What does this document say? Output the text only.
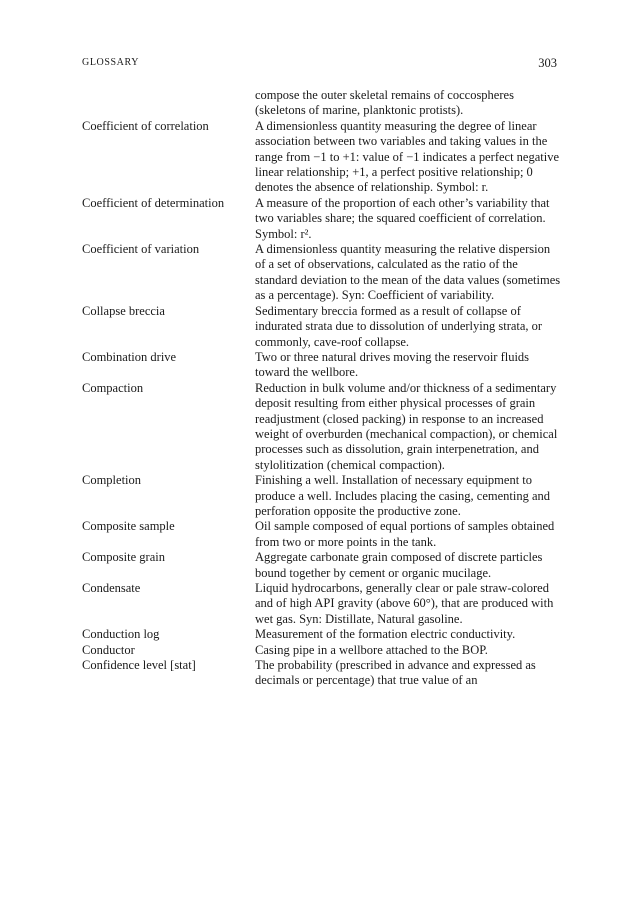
GLOSSARY	303
compose the outer skeletal remains of coccospheres (skeletons of marine, planktonic protists).
Coefficient of correlation	A dimensionless quantity measuring the degree of linear association between two variables and taking values in the range from −1 to +1: value of −1 indicates a perfect negative linear relationship; +1, a perfect positive relationship; 0 denotes the absence of relationship. Symbol: r.
Coefficient of determination	A measure of the proportion of each other’s variability that two variables share; the squared coefficient of correlation. Symbol: r².
Coefficient of variation	A dimensionless quantity measuring the relative dispersion of a set of observations, calculated as the ratio of the standard deviation to the mean of the data values (sometimes as a percentage). Syn: Coefficient of variability.
Collapse breccia	Sedimentary breccia formed as a result of collapse of indurated strata due to dissolution of underlying strata, or commonly, cave-roof collapse.
Combination drive	Two or three natural drives moving the reservoir fluids toward the wellbore.
Compaction	Reduction in bulk volume and/or thickness of a sedimentary deposit resulting from either physical processes of grain readjustment (closed packing) in response to an increased weight of overburden (mechanical compaction), or chemical processes such as dissolution, grain interpenetration, and stylolitization (chemical compaction).
Completion	Finishing a well. Installation of necessary equipment to produce a well. Includes placing the casing, cementing and perforation opposite the productive zone.
Composite sample	Oil sample composed of equal portions of samples obtained from two or more points in the tank.
Composite grain	Aggregate carbonate grain composed of discrete particles bound together by cement or organic mucilage.
Condensate	Liquid hydrocarbons, generally clear or pale straw-colored and of high API gravity (above 60°), that are produced with wet gas. Syn: Distillate, Natural gasoline.
Conduction log	Measurement of the formation electric conductivity.
Conductor	Casing pipe in a wellbore attached to the BOP.
Confidence level [stat]	The probability (prescribed in advance and expressed as decimals or percentage) that true value of an
